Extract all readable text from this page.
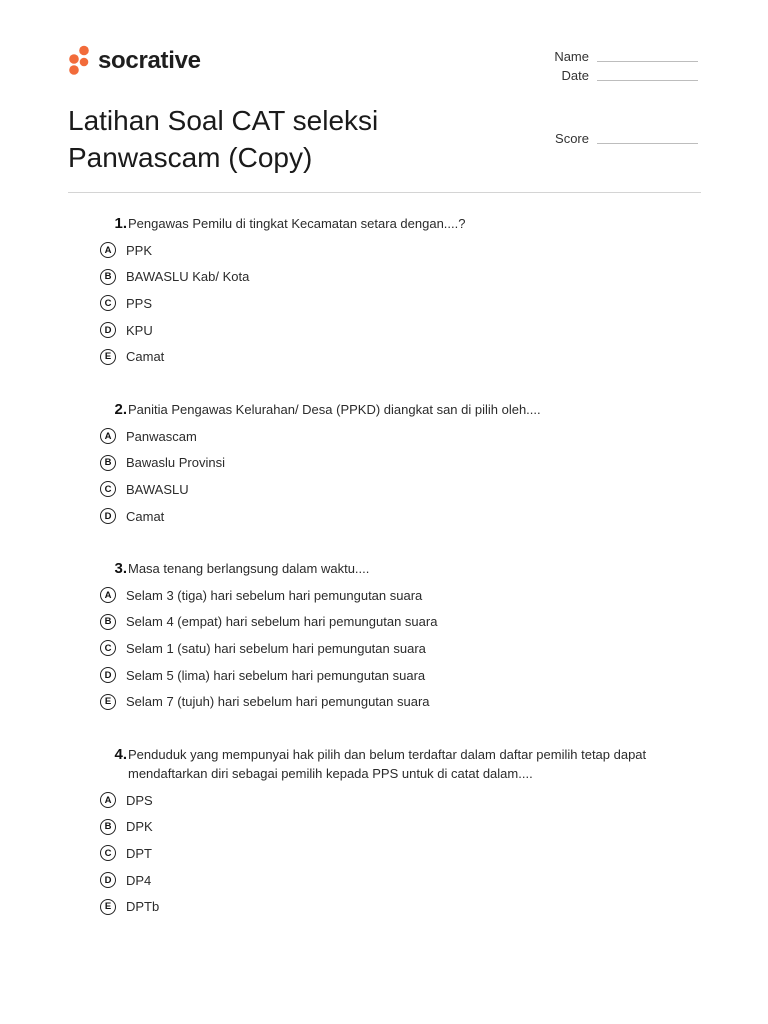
socrative	Name
Date
Score
Latihan Soal CAT seleksi Panwascam (Copy)
1. Pengawas Pemilu di tingkat Kecamatan setara dengan....?
A	PPK
B	BAWASLU Kab/ Kota
C	PPS
D	KPU
E	Camat
2. Panitia Pengawas Kelurahan/ Desa (PPKD) diangkat san di pilih oleh....
A	Panwascam
B	Bawaslu Provinsi
C	BAWASLU
D	Camat
3. Masa tenang berlangsung dalam waktu....
A	Selam 3 (tiga) hari sebelum hari pemungutan suara
B	Selam 4 (empat) hari sebelum hari pemungutan suara
C	Selam 1 (satu) hari sebelum hari pemungutan suara
D	Selam 5 (lima) hari sebelum hari pemungutan suara
E	Selam 7 (tujuh) hari sebelum hari pemungutan suara
4. Penduduk yang mempunyai hak pilih dan belum terdaftar dalam daftar pemilih tetap dapat mendaftarkan diri sebagai pemilih kepada PPS untuk di catat dalam....
A	DPS
B	DPK
C	DPT
D	DP4
E	DPTb
